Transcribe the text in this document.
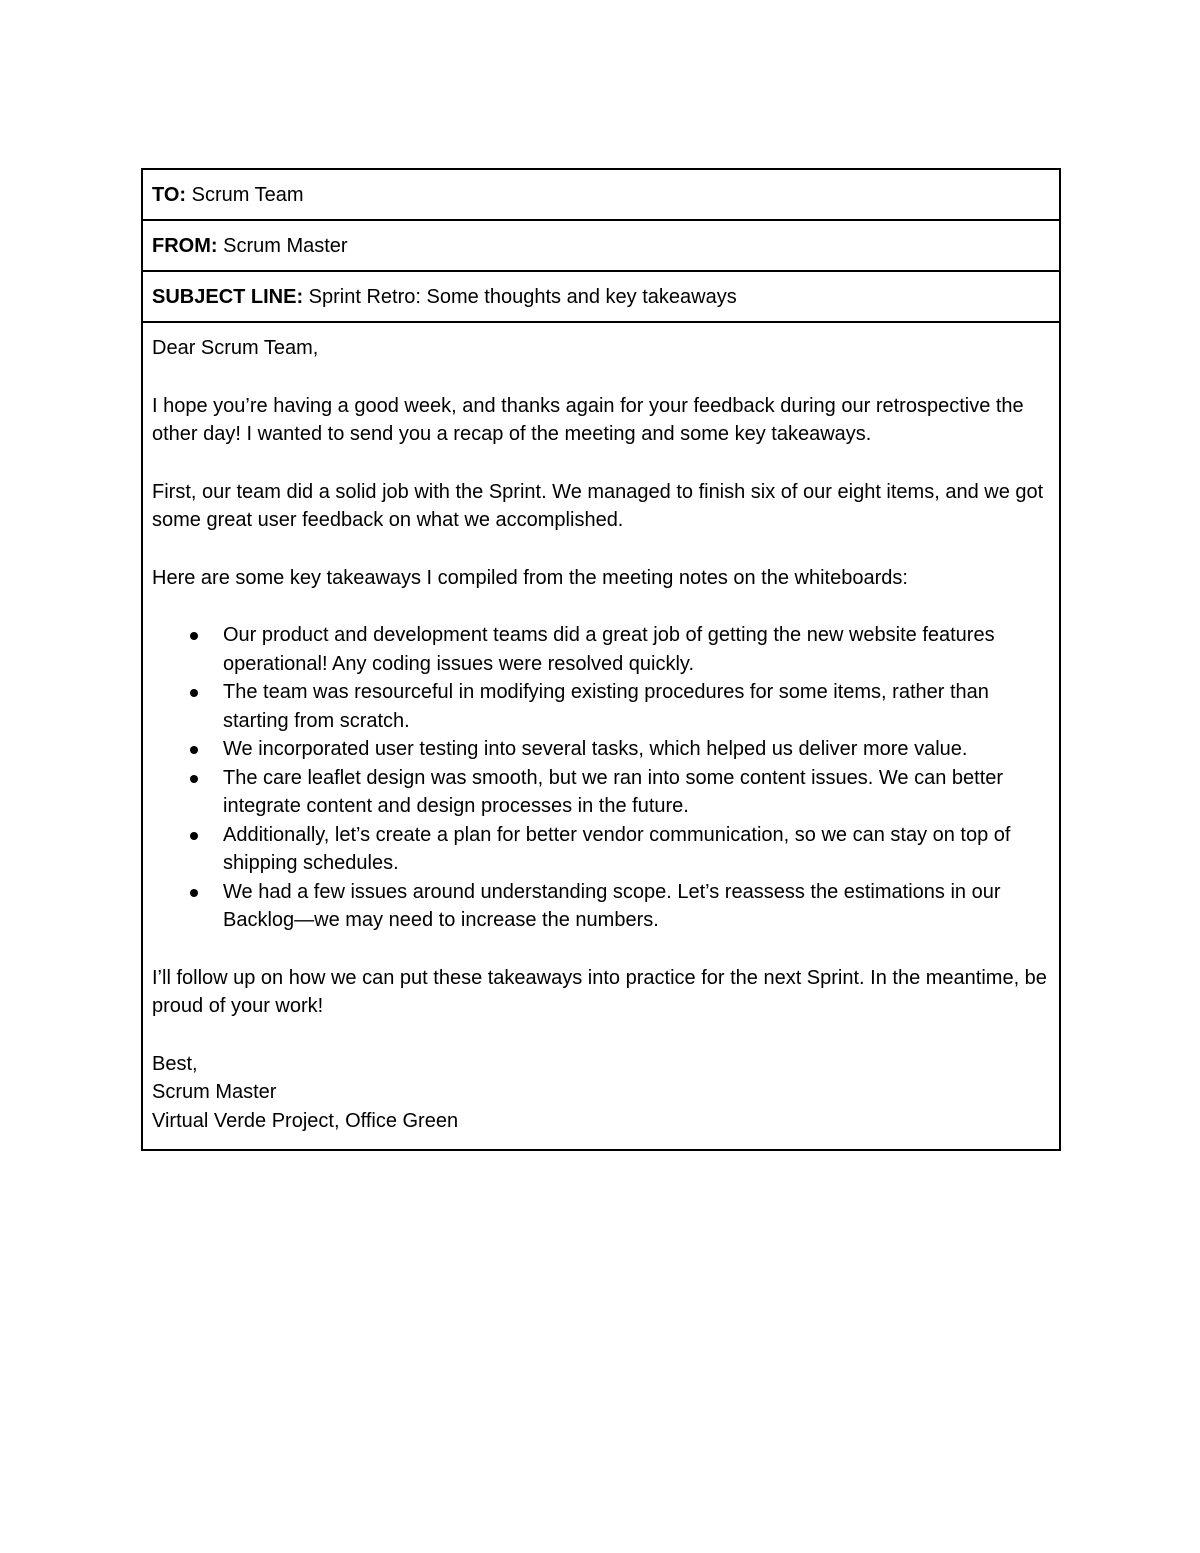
TO: Scrum Team
FROM: Scrum Master
SUBJECT LINE: Sprint Retro: Some thoughts and key takeaways

Dear Scrum Team,

I hope you’re having a good week, and thanks again for your feedback during our retrospective the other day! I wanted to send you a recap of the meeting and some key takeaways.

First, our team did a solid job with the Sprint. We managed to finish six of our eight items, and we got some great user feedback on what we accomplished.

Here are some key takeaways I compiled from the meeting notes on the whiteboards:

Our product and development teams did a great job of getting the new website features operational! Any coding issues were resolved quickly.
The team was resourceful in modifying existing procedures for some items, rather than starting from scratch.
We incorporated user testing into several tasks, which helped us deliver more value.
The care leaflet design was smooth, but we ran into some content issues. We can better integrate content and design processes in the future.
Additionally, let’s create a plan for better vendor communication, so we can stay on top of shipping schedules.
We had a few issues around understanding scope. Let’s reassess the estimations in our Backlog—we may need to increase the numbers.

I’ll follow up on how we can put these takeaways into practice for the next Sprint. In the meantime, be proud of your work!

Best,

Scrum Master

Virtual Verde Project, Office Green
